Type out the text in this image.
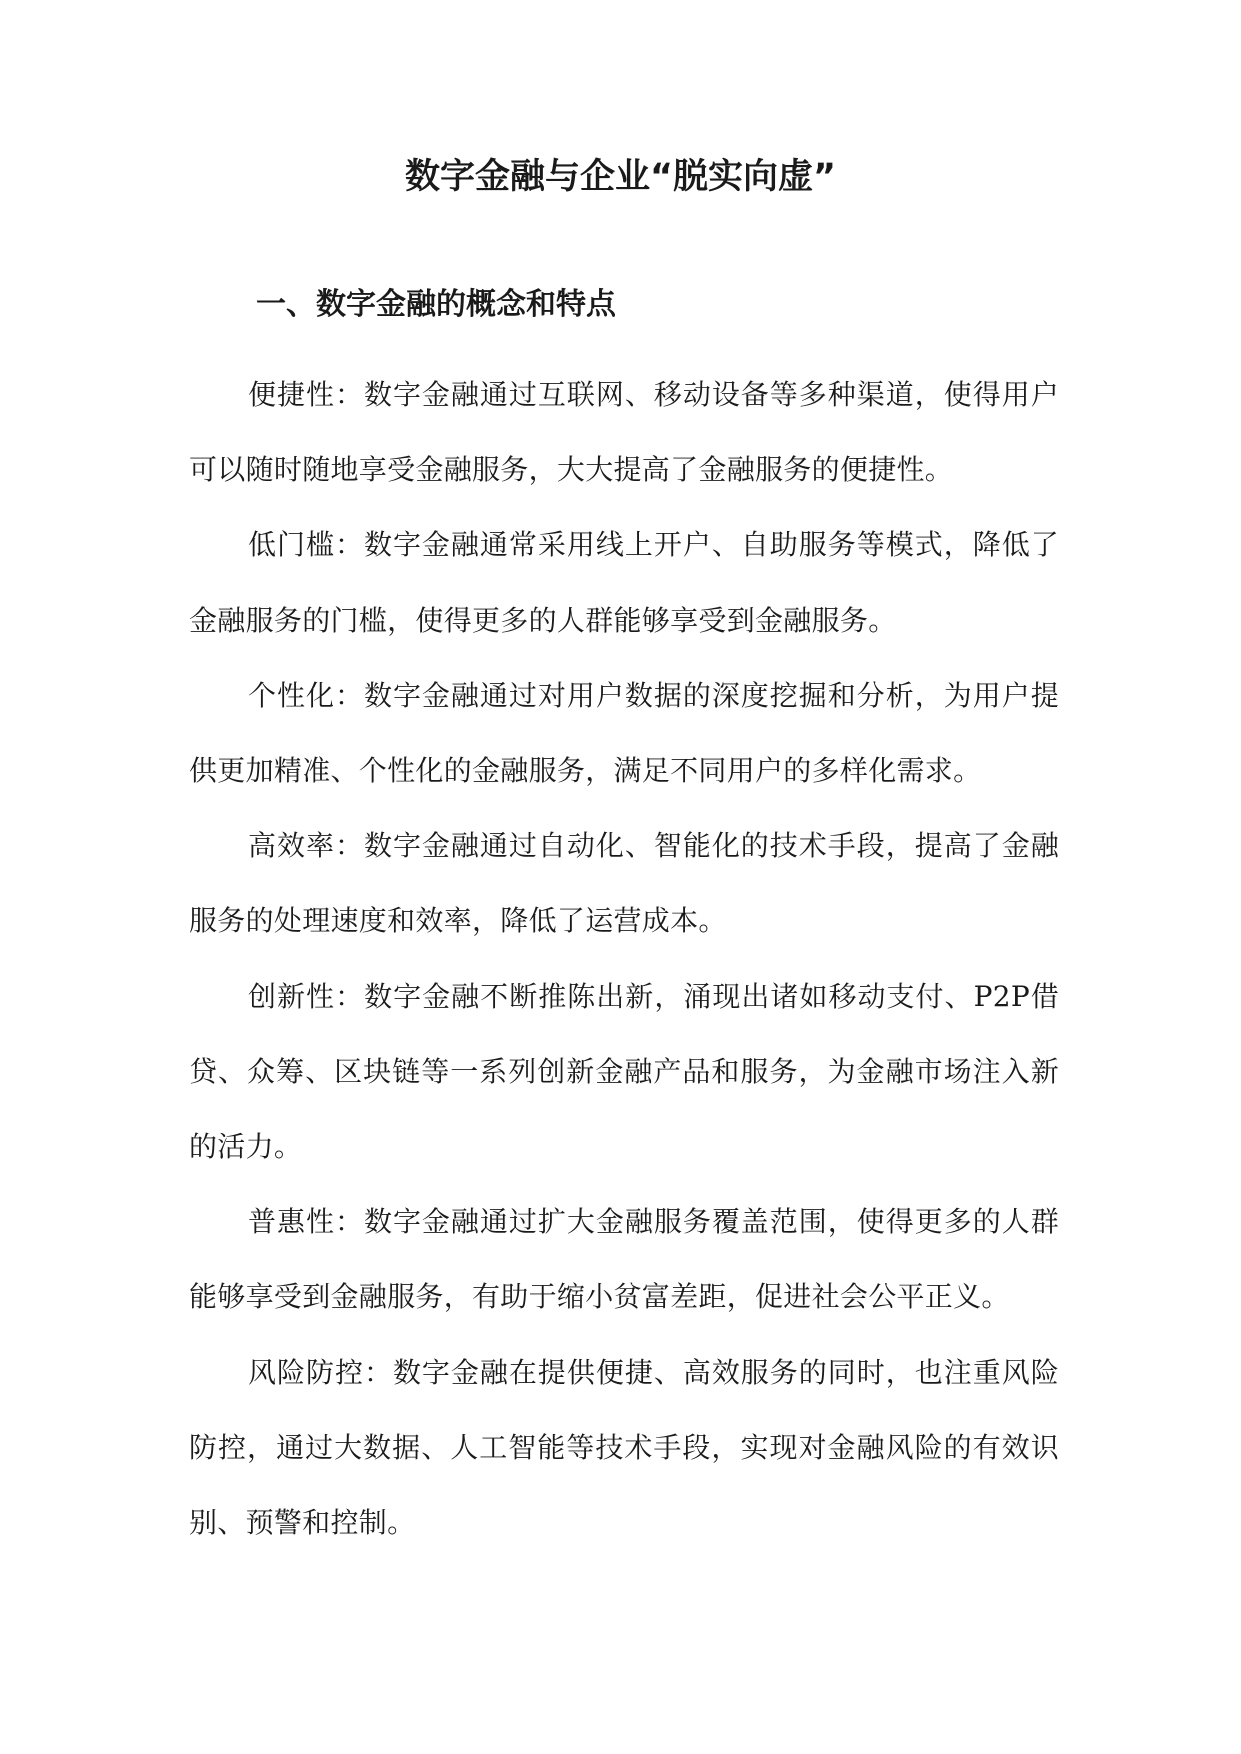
数字金融与企业“脱实向虚”
一、数字金融的概念和特点

便捷性：数字金融通过互联网、移动设备等多种渠道，使得用户可以随时随地享受金融服务，大大提高了金融服务的便捷性。

低门槛：数字金融通常采用线上开户、自助服务等模式，降低了金融服务的门槛，使得更多的人群能够享受到金融服务。

个性化：数字金融通过对用户数据的深度挖掘和分析，为用户提供更加精准、个性化的金融服务，满足不同用户的多样化需求。

高效率：数字金融通过自动化、智能化的技术手段，提高了金融服务的处理速度和效率，降低了运营成本。

创新性：数字金融不断推陈出新，涌现出诸如移动支付、P2P借贷、众筹、区块链等一系列创新金融产品和服务，为金融市场注入新的活力。

普惠性：数字金融通过扩大金融服务覆盖范围，使得更多的人群能够享受到金融服务，有助于缩小贫富差距，促进社会公平正义。

风险防控：数字金融在提供便捷、高效服务的同时，也注重风险防控，通过大数据、人工智能等技术手段，实现对金融风险的有效识别、预警和控制。
